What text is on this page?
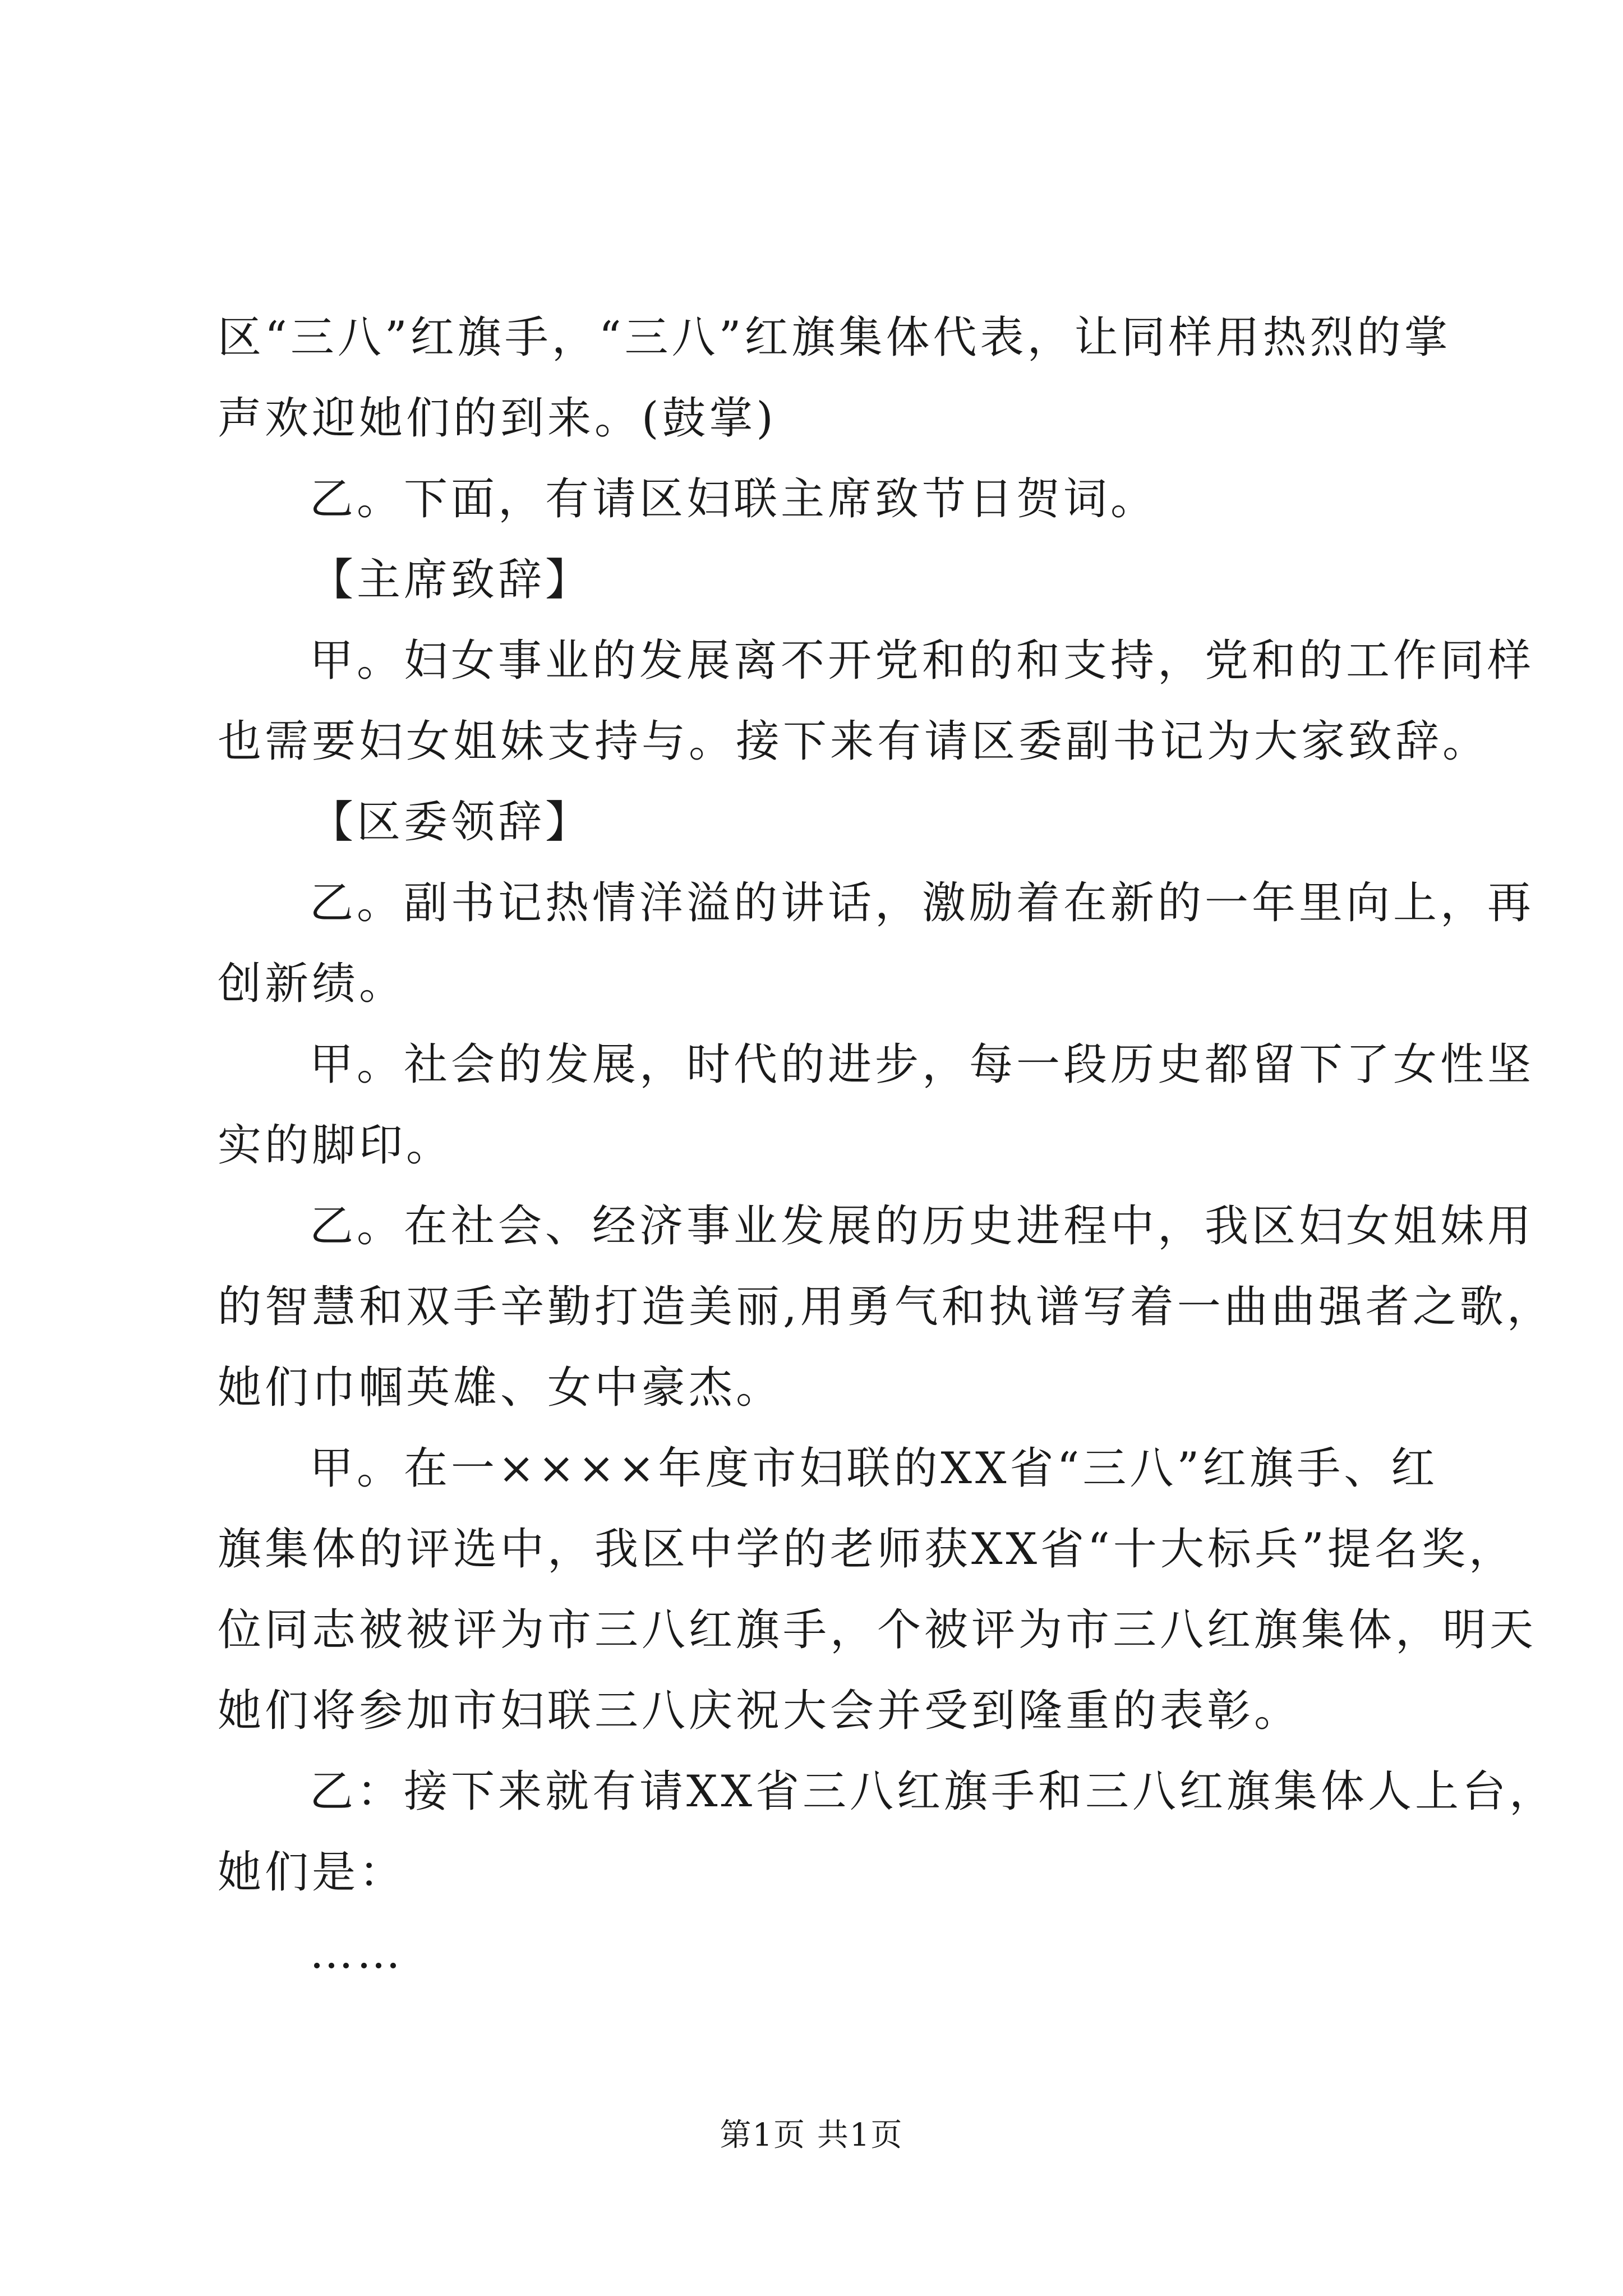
区“三八”红旗手，“三八”红旗集体代表，让同样用热烈的掌
声欢迎她们的到来。(鼓掌)
乙。下面，有请区妇联主席致节日贺词。
【主席致辞】
甲。妇女事业的发展离不开党和的和支持，党和的工作同样
也需要妇女姐妹支持与。接下来有请区委副书记为大家致辞。
【区委领辞】
乙。副书记热情洋溢的讲话，激励着在新的一年里向上，再
创新绩。
甲。社会的发展，时代的进步，每一段历史都留下了女性坚
实的脚印。
乙。在社会、经济事业发展的历史进程中，我区妇女姐妹用
的智慧和双手辛勤打造美丽,用勇气和执谱写着一曲曲强者之歌，
她们巾帼英雄、女中豪杰。
甲。在一××××年度市妇联的XX省“三八”红旗手、红
旗集体的评选中，我区中学的老师获XX省“十大标兵”提名奖，
位同志被被评为市三八红旗手，个被评为市三八红旗集体，明天
她们将参加市妇联三八庆祝大会并受到隆重的表彰。
乙：接下来就有请XX省三八红旗手和三八红旗集体人上台，
她们是：
……
第1页 共1页
